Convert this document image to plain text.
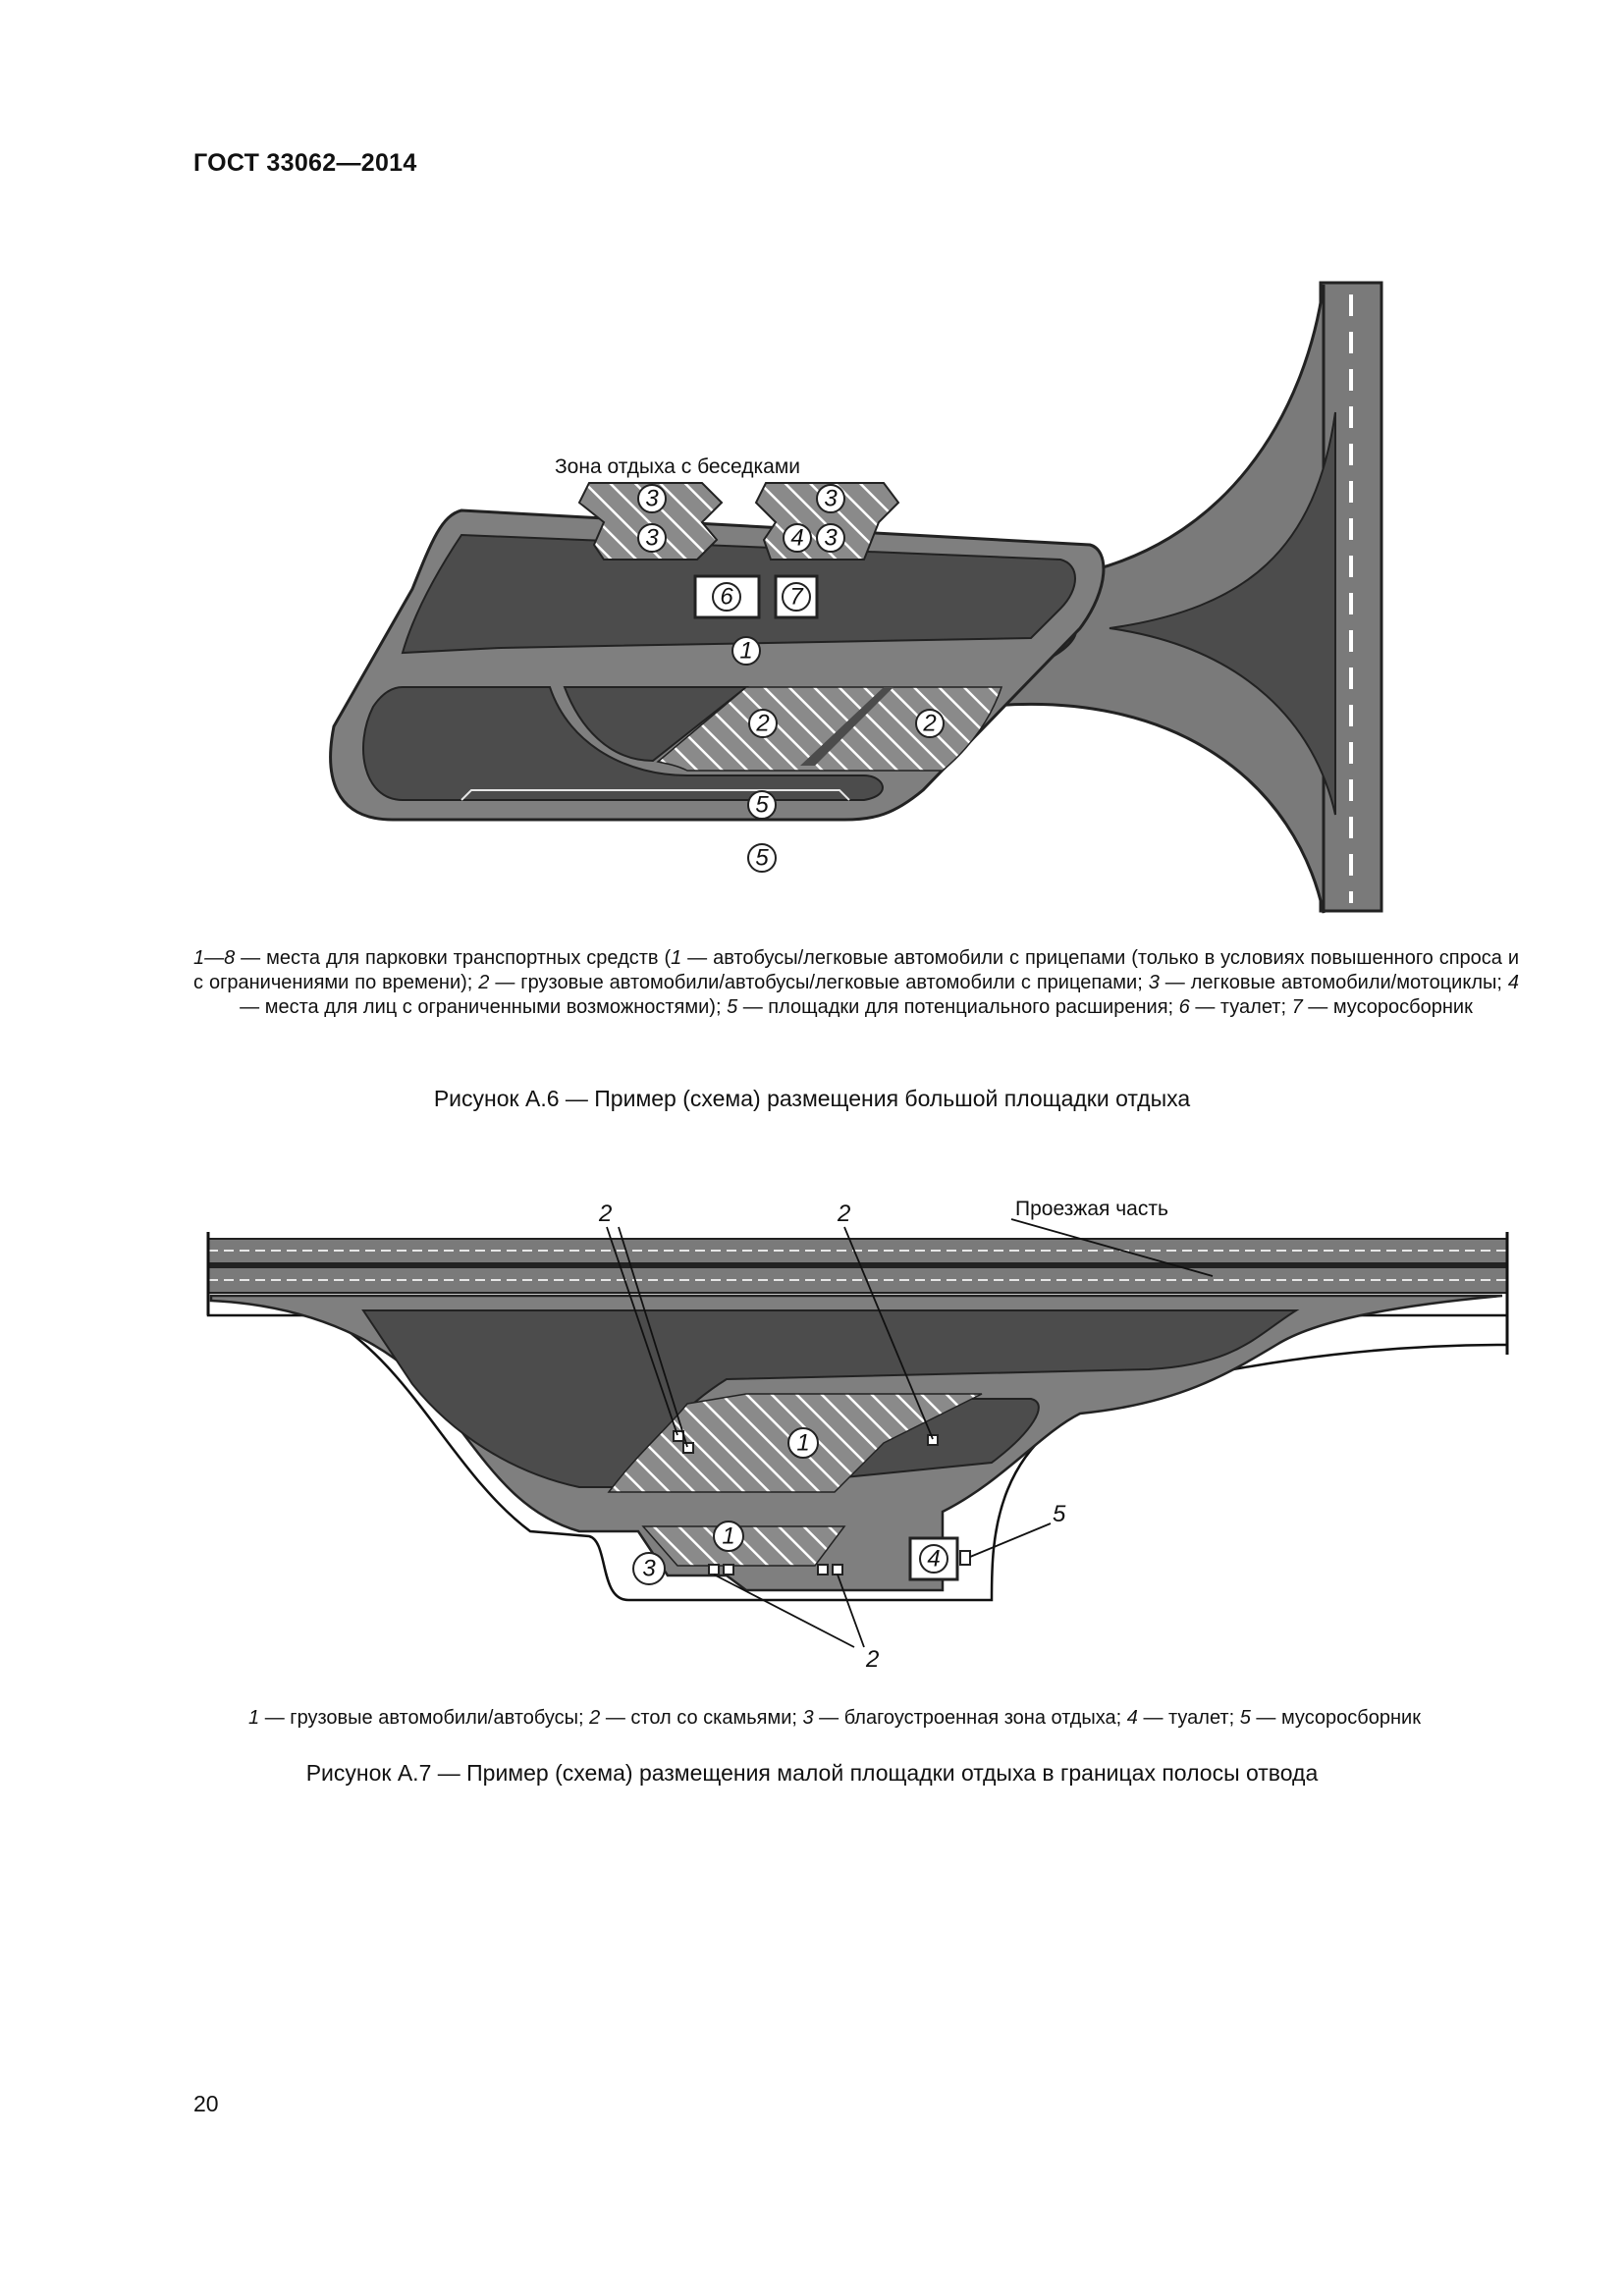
ГОСТ 33062—2014
Зона отдыха с беседками
3	3
3	4 3
6 7
1
2	2
5
5
1—8 — места для парковки транспортных средств (1 — автобусы/легковые автомобили с прицепами (только в условиях повышенного спроса и с ограничениями по времени); 2 — грузовые автомобили/автобусы/легковые автомобили с прицепами; 3 — легковые автомобили/мотоциклы; 4 — места для лиц с ограниченными возможностями); 5 — площадки для потенциального расширения; 6 — туалет; 7 — мусоросборник
Рисунок А.6 — Пример (схема) размещения большой площадки отдыха
Проезжая часть
2	2
5
2
1
1
3	4
1 — грузовые автомобили/автобусы; 2 — стол со скамьями; 3 — благоустроенная зона отдыха; 4 — туалет; 5 — мусоросборник
Рисунок А.7 — Пример (схема) размещения малой площадки отдыха в границах полосы отвода
20
